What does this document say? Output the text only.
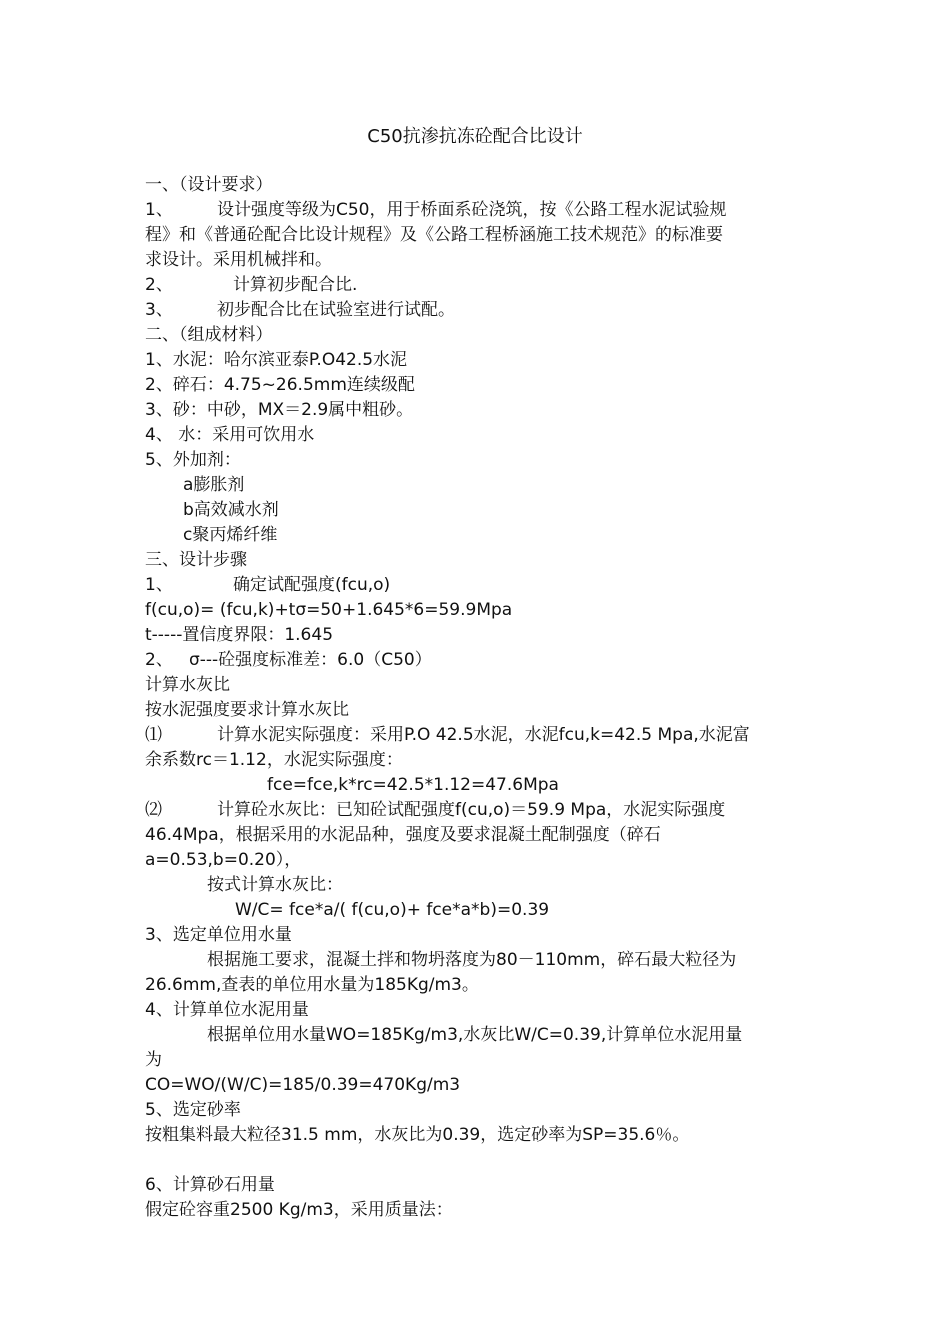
C50抗渗抗冻砼配合比设计

一、（设计要求）

1、	设计强度等级为C50，用于桥面系砼浇筑，按《公路工程水泥试验规

程》和《普通砼配合比设计规程》及《公路工程桥涵施工技术规范》的标准要

求设计。采用机械拌和。

2、	计算初步配合比.

3、	初步配合比在试验室进行试配。

二、（组成材料）

1、水泥：哈尔滨亚泰P.O42.5水泥

2、碎石：4.75~26.5mm连续级配

3、砂：中砂，MX＝2.9属中粗砂。

4、 水：采用可饮用水

5、外加剂：

a膨胀剂

b高效减水剂

c聚丙烯纤维

三、设计步骤

1、	确定试配强度(fcu,o)

f(cu,o)= (fcu,k)+tσ=50+1.645*6=59.9Mpa

t-----置信度界限：1.645

2、 σ---砼强度标准差：6.0（C50）

计算水灰比

按水泥强度要求计算水灰比

⑴	计算水泥实际强度：采用P.O 42.5水泥，水泥fcu,k=42.5 Mpa,水泥富

余系数rc＝1.12，水泥实际强度：

fce=fce,k*rc=42.5*1.12=47.6Mpa

⑵	计算砼水灰比：已知砼试配强度f(cu,o)＝59.9 Mpa，水泥实际强度

46.4Mpa，根据采用的水泥品种，强度及要求混凝土配制强度（碎石

a=0.53,b=0.20），

按式计算水灰比：

W/C= fce*a/( f(cu,o)+ fce*a*b)=0.39

3、选定单位用水量

根据施工要求，混凝土拌和物坍落度为80－110mm，碎石最大粒径为

26.6mm,查表的单位用水量为185Kg/m3。

4、计算单位水泥用量

根据单位用水量WO=185Kg/m3,水灰比W/C=0.39,计算单位水泥用量

为

CO=WO/(W/C)=185/0.39=470Kg/m3

5、选定砂率

按粗集料最大粒径31.5 mm，水灰比为0.39，选定砂率为SP=35.6％。

6、计算砂石用量

假定砼容重2500 Kg/m3，采用质量法：
